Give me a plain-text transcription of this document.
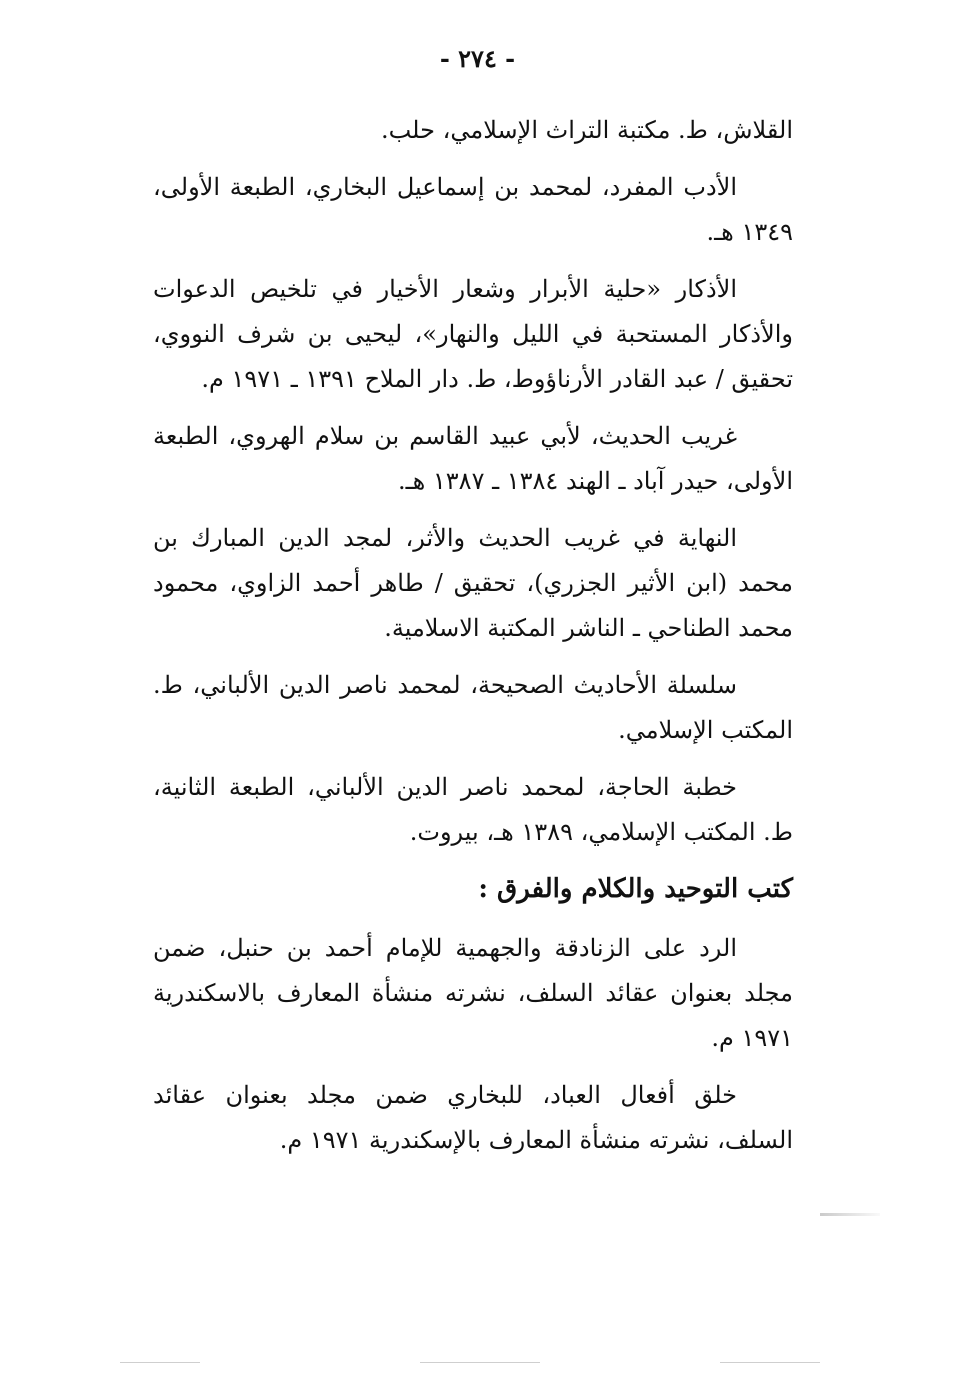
- ٢٧٤ -

القلاش، ط. مكتبة التراث الإسلامي، حلب.

الأدب المفرد، لمحمد بن إسماعيل البخاري، الطبعة الأولى، ١٣٤٩ هـ.

الأذكار «حلية الأبرار وشعار الأخيار في تلخيص الدعوات والأذكار المستحبة في الليل والنهار»، ليحيى بن شرف النووي، تحقيق / عبد القادر الأرناؤوط، ط. دار الملاح ١٣٩١ ـ ١٩٧١ م.

غريب الحديث، لأبي عبيد القاسم بن سلام الهروي، الطبعة الأولى، حيدر آباد ـ الهند ١٣٨٤ ـ ١٣٨٧ هـ.

النهاية في غريب الحديث والأثر، لمجد الدين المبارك بن محمد (ابن الأثير الجزري)، تحقيق / طاهر أحمد الزاوي، محمود محمد الطناحي ـ الناشر المكتبة الاسلامية.

سلسلة الأحاديث الصحيحة، لمحمد ناصر الدين الألباني، ط. المكتب الإسلامي.

خطبة الحاجة، لمحمد ناصر الدين الألباني، الطبعة الثانية، ط. المكتب الإسلامي، ١٣٨٩ هـ، بيروت.

كتب التوحيد والكلام والفرق :

الرد على الزنادقة والجهمية للإمام أحمد بن حنبل، ضمن مجلد بعنوان عقائد السلف، نشرته منشأة المعارف بالاسكندرية ١٩٧١ م.

خلق أفعال العباد، للبخاري ضمن مجلد بعنوان عقائد السلف، نشرته منشأة المعارف بالإسكندرية ١٩٧١ م.
